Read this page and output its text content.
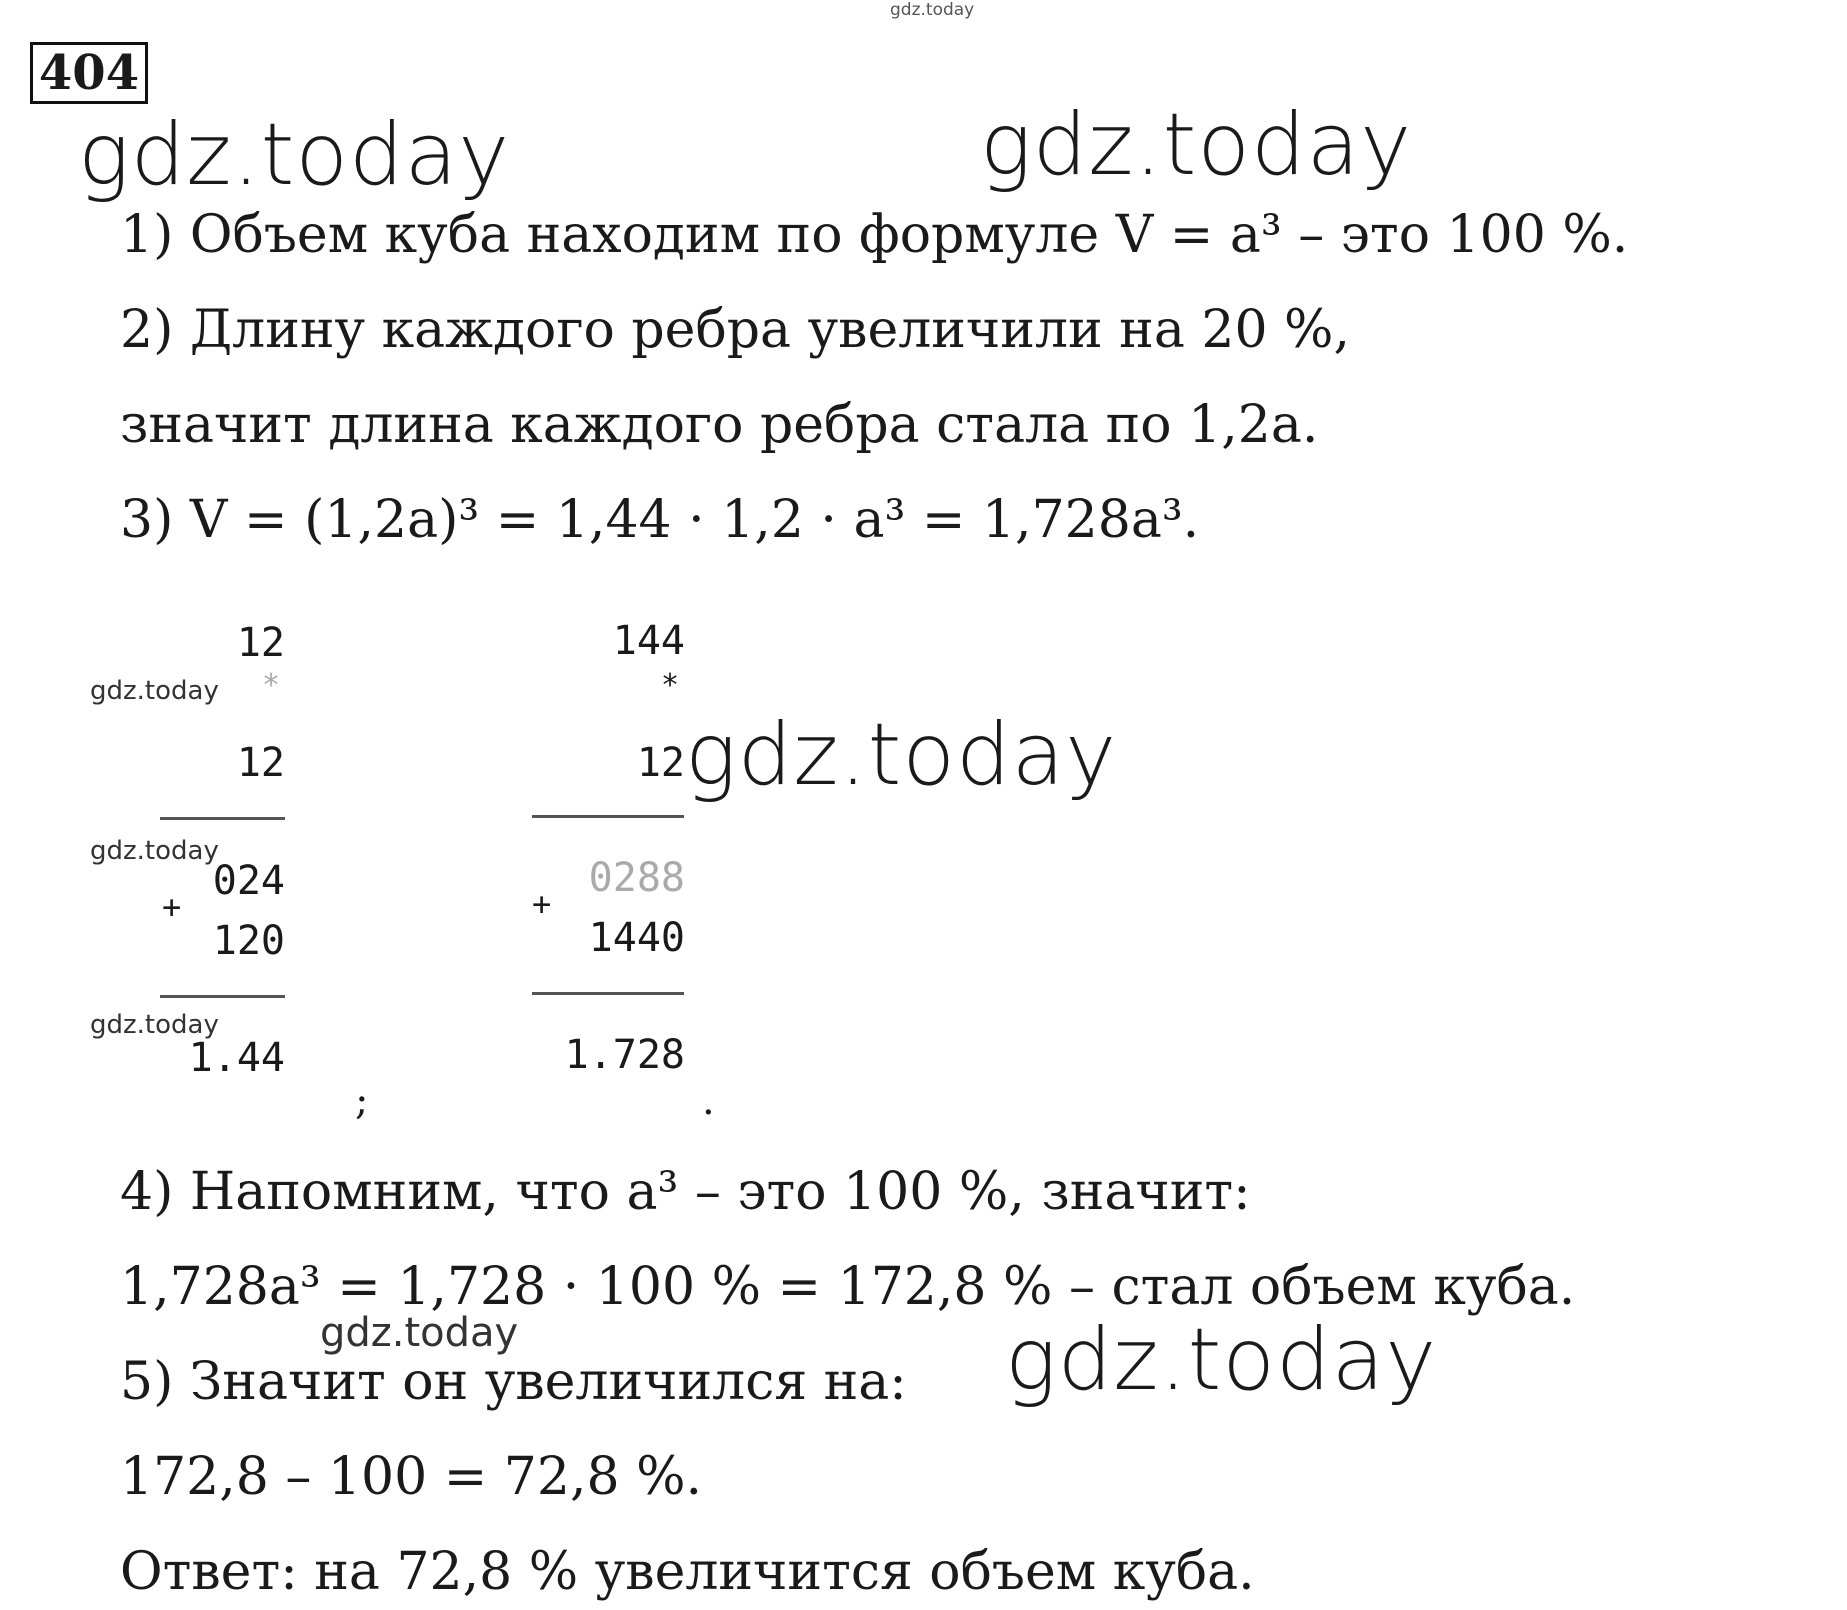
gdz.today
404
gdz.today	gdz.today
1) Объем куба находим по формуле V = a³ – это 100 %.
2) Длину каждого ребра увеличили на 20 %,
значит длина каждого ребра стала по 1,2a.
3) V = (1,2a)³ = 1,44 · 1,2 · a³ = 1,728a³.
12
*
12
024
+
120
1.44
;
144
*
12
0288
+
1440
1.728
.
gdz.today
gdz.today
gdz.today
gdz.today
4) Напомним, что a³ – это 100 %, значит:
1,728a³ = 1,728 · 100 % = 172,8 % – стал объем куба.
gdz.today
5) Значит он увеличился на: gdz.today
172,8 – 100 = 72,8 %.
Ответ: на 72,8 % увеличится объем куба.
